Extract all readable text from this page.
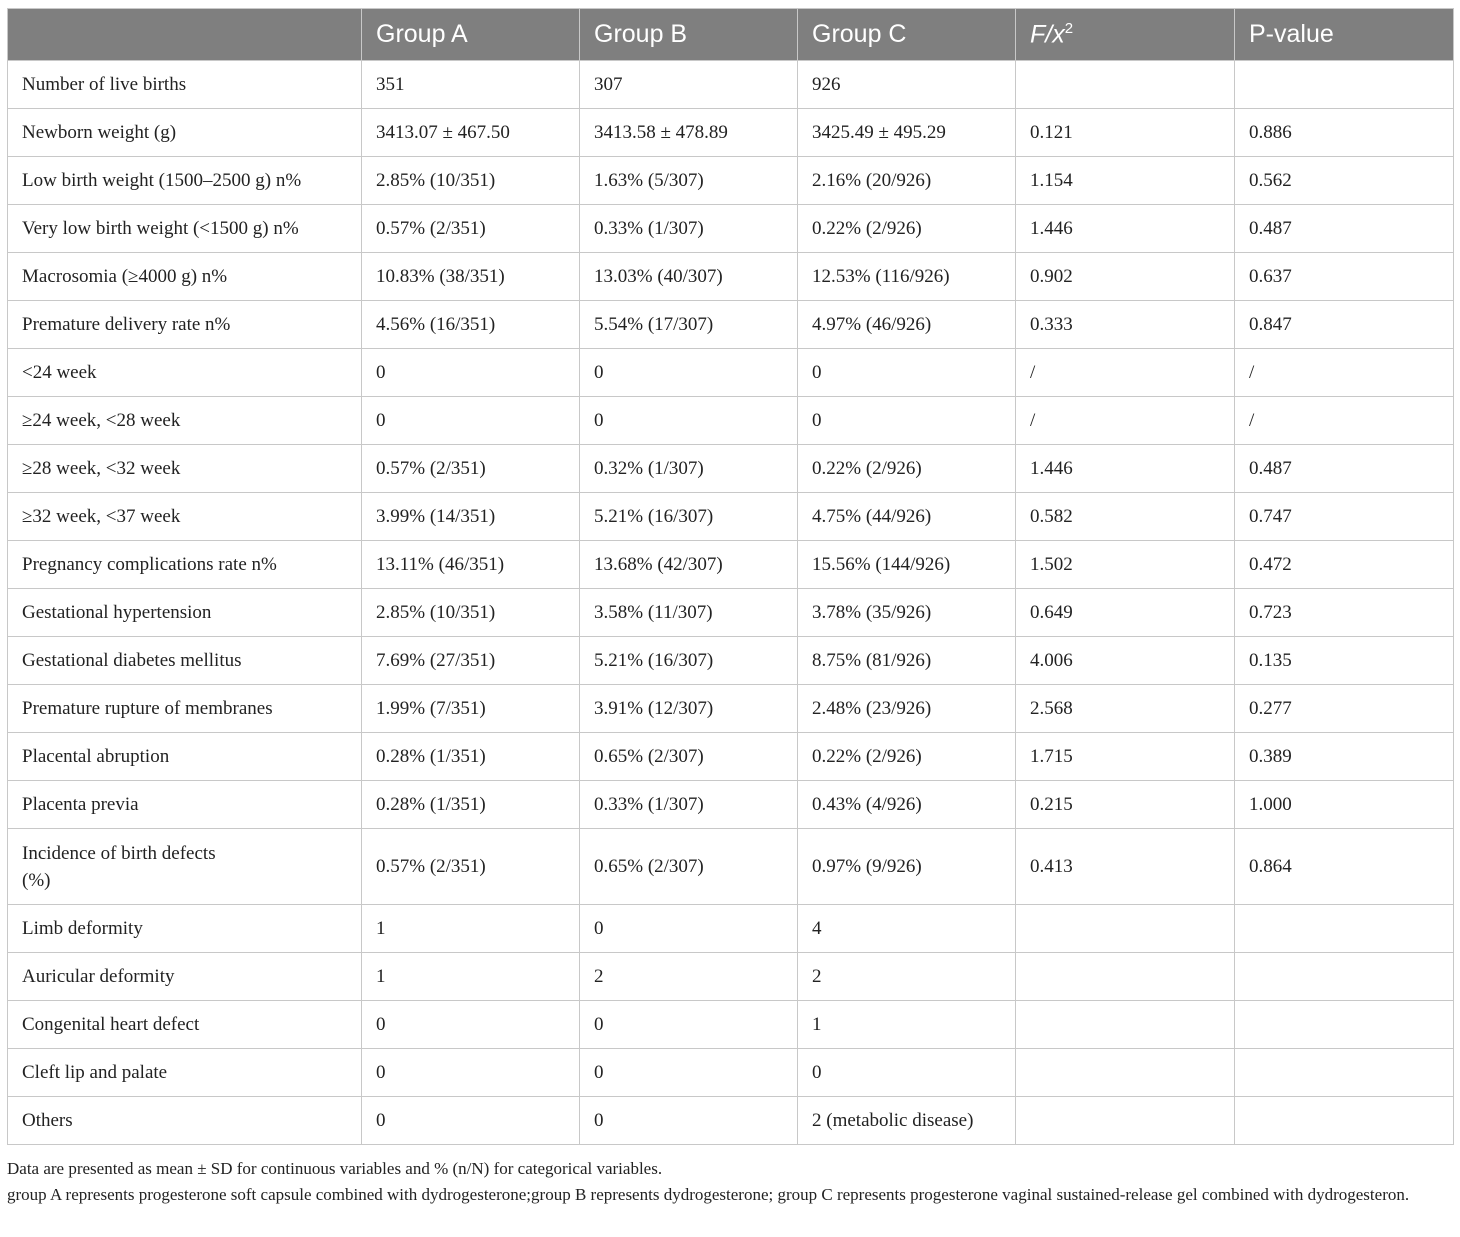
	Group A	Group B	Group C	$F/x^2$	P-value
Number of live births	351	307	926		
Newborn weight (g)	3413.07 ± 467.50	3413.58 ± 478.89	3425.49 ± 495.29	0.121	0.886
Low birth weight (1500–2500 g) n%	2.85% (10/351)	1.63% (5/307)	2.16% (20/926)	1.154	0.562
Very low birth weight (<1500 g) n%	0.57% (2/351)	0.33% (1/307)	0.22% (2/926)	1.446	0.487
Macrosomia (≥4000 g) n%	10.83% (38/351)	13.03% (40/307)	12.53% (116/926)	0.902	0.637
Premature delivery rate n%	4.56% (16/351)	5.54% (17/307)	4.97% (46/926)	0.333	0.847
<24 week	0	0	0	/	/
≥24 week, <28 week	0	0	0	/	/
≥28 week, <32 week	0.57% (2/351)	0.32% (1/307)	0.22% (2/926)	1.446	0.487
≥32 week, <37 week	3.99% (14/351)	5.21% (16/307)	4.75% (44/926)	0.582	0.747
Pregnancy complications rate n%	13.11% (46/351)	13.68% (42/307)	15.56% (144/926)	1.502	0.472
Gestational hypertension	2.85% (10/351)	3.58% (11/307)	3.78% (35/926)	0.649	0.723
Gestational diabetes mellitus	7.69% (27/351)	5.21% (16/307)	8.75% (81/926)	4.006	0.135
Premature rupture of membranes	1.99% (7/351)	3.91% (12/307)	2.48% (23/926)	2.568	0.277
Placental abruption	0.28% (1/351)	0.65% (2/307)	0.22% (2/926)	1.715	0.389
Placenta previa	0.28% (1/351)	0.33% (1/307)	0.43% (4/926)	0.215	1.000
Incidence of birth defects
(%)	0.57% (2/351)	0.65% (2/307)	0.97% (9/926)	0.413	0.864
Limb deformity	1	0	4		
Auricular deformity	1	2	2		
Congenital heart defect	0	0	1		
Cleft lip and palate	0	0	0		
Others	0	0	2 (metabolic disease)		

Data are presented as mean ± SD for continuous variables and % (n/N) for categorical variables.

group A represents progesterone soft capsule combined with dydrogesterone;group B represents dydrogesterone; group C represents progesterone vaginal sustained-release gel combined with dydrogesteron.
